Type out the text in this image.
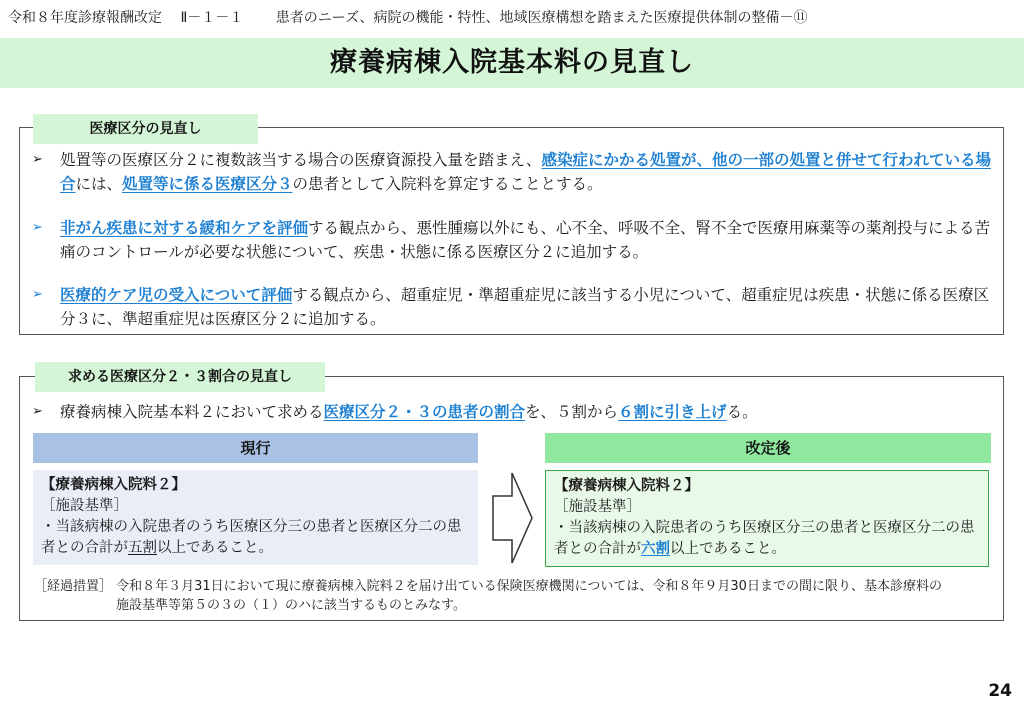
令和８年度診療報酬改定 Ⅱ－１－１ 患者のニーズ、病院の機能・特性、地域医療構想を踏まえた医療提供体制の整備－⑪
療養病棟入院基本料の見直し
医療区分の見直し
➢ 処置等の医療区分２に複数該当する場合の医療資源投入量を踏まえ、感染症にかかる処置が、他の一部の処置と併せて行われている場合には、処置等に係る医療区分３の患者として入院料を算定することとする。
➢ 非がん疾患に対する緩和ケアを評価する観点から、悪性腫瘍以外にも、心不全、呼吸不全、腎不全で医療用麻薬等の薬剤投与による苦痛のコントロールが必要な状態について、疾患・状態に係る医療区分２に追加する。
➢ 医療的ケア児の受入について評価する観点から、超重症児・準超重症児に該当する小児について、超重症児は疾患・状態に係る医療区分３に、準超重症児は医療区分２に追加する。
求める医療区分２・３割合の見直し
➢ 療養病棟入院基本料２において求める医療区分２・３の患者の割合を、５割から６割に引き上げる。
現行	改定後
【療養病棟入院料２】
［施設基準］
・当該病棟の入院患者のうち医療区分三の患者と医療区分二の患者との合計が五割以上であること。
【療養病棟入院料２】
［施設基準］
・当該病棟の入院患者のうち医療区分三の患者と医療区分二の患者との合計が六割以上であること。
［経過措置］ 令和８年３月31日において現に療養病棟入院料２を届け出ている保険医療機関については、令和８年９月30日までの間に限り、基本診療料の
施設基準等第５の３の（１）のハに該当するものとみなす。
24
